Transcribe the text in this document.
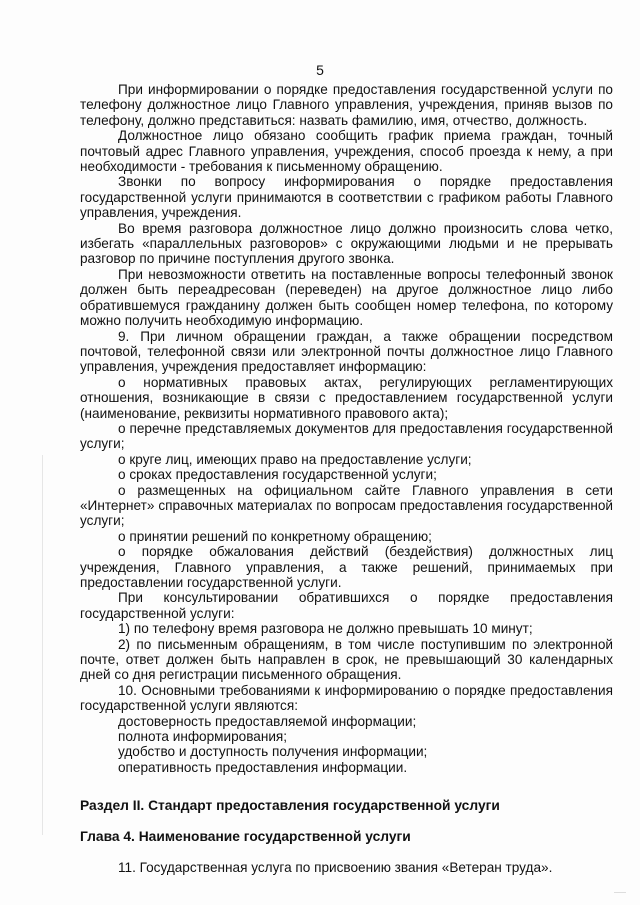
5

При информировании о порядке предоставления государственной услуги по телефону должностное лицо Главного управления, учреждения, приняв вызов по телефону, должно представиться: назвать фамилию, имя, отчество, должность.

Должностное лицо обязано сообщить график приема граждан, точный почтовый адрес Главного управления, учреждения, способ проезда к нему, а при необходимости - требования к письменному обращению.

Звонки по вопросу информирования о порядке предоставления государственной услуги принимаются в соответствии с графиком работы Главного управления, учреждения.

Во время разговора должностное лицо должно произносить слова четко, избегать «параллельных разговоров» с окружающими людьми и не прерывать разговор по причине поступления другого звонка.

При невозможности ответить на поставленные вопросы телефонный звонок должен быть переадресован (переведен) на другое должностное лицо либо обратившемуся гражданину должен быть сообщен номер телефона, по которому можно получить необходимую информацию.

9. При личном обращении граждан, а также обращении посредством почтовой, телефонной связи или электронной почты должностное лицо Главного управления, учреждения предоставляет информацию:

о нормативных правовых актах, регулирующих регламентирующих отношения, возникающие в связи с предоставлением государственной услуги (наименование, реквизиты нормативного правового акта);

о перечне представляемых документов для предоставления государственной услуги;

о круге лиц, имеющих право на предоставление услуги;

о сроках предоставления государственной услуги;

о размещенных на официальном сайте Главного управления в сети «Интернет» справочных материалах по вопросам предоставления государственной услуги;

о принятии решений по конкретному обращению;

о порядке обжалования действий (бездействия) должностных лиц учреждения, Главного управления, а также решений, принимаемых при предоставлении государственной услуги.

При консультировании обратившихся о порядке предоставления государственной услуги:

1) по телефону время разговора не должно превышать 10 минут;

2) по письменным обращениям, в том числе поступившим по электронной почте, ответ должен быть направлен в срок, не превышающий 30 календарных дней со дня регистрации письменного обращения.

10. Основными требованиями к информированию о порядке предоставления государственной услуги являются:

достоверность предоставляемой информации;

полнота информирования;

удобство и доступность получения информации;

оперативность предоставления информации.

Раздел II. Стандарт предоставления государственной услуги

Глава 4. Наименование государственной услуги

11. Государственная услуга по присвоению звания «Ветеран труда».
